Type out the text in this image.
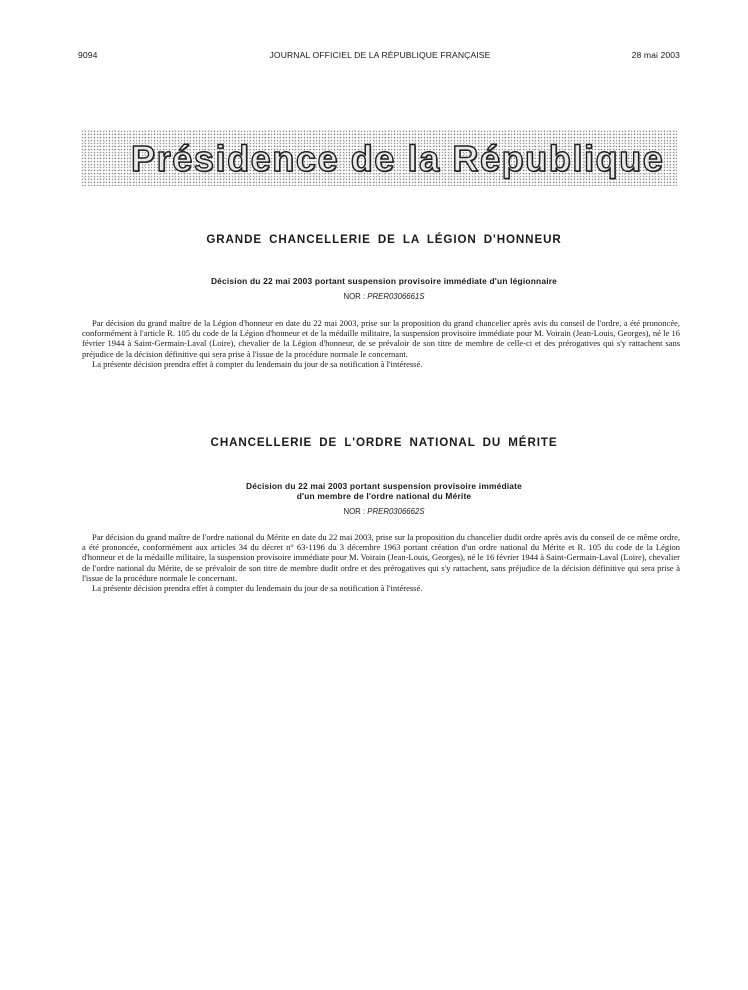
9094	JOURNAL OFFICIEL DE LA RÉPUBLIQUE FRANÇAISE	28 mai 2003
Présidence de la République
GRANDE CHANCELLERIE DE LA LÉGION D'HONNEUR
Décision du 22 mai 2003 portant suspension provisoire immédiate d'un légionnaire
NOR : PRER0306661S

Par décision du grand maître de la Légion d'honneur en date du 22 mai 2003, prise sur la proposition du grand chancelier après avis du conseil de l'ordre, a été prononcée, conformément à l'article R. 105 du code de la Légion d'honneur et de la médaille militaire, la suspension provisoire immédiate pour M. Voirain (Jean-Louis, Georges), né le 16 février 1944 à Saint-Germain-Laval (Loire), chevalier de la Légion d'honneur, de se prévaloir de son titre de membre de celle-ci et des prérogatives qui s'y rattachent sans préjudice de la décision définitive qui sera prise à l'issue de la procédure normale le concernant.

La présente décision prendra effet à compter du lendemain du jour de sa notification à l'intéressé.

CHANCELLERIE DE L'ORDRE NATIONAL DU MÉRITE
Décision du 22 mai 2003 portant suspension provisoire immédiate
d'un membre de l'ordre national du Mérite
NOR : PRER0306662S

Par décision du grand maître de l'ordre national du Mérite en date du 22 mai 2003, prise sur la proposition du chancelier dudit ordre après avis du conseil de ce même ordre, a été prononcée, conformément aux articles 34 du décret n° 63-1196 du 3 décembre 1963 portant création d'un ordre national du Mérite et R. 105 du code de la Légion d'honneur et de la médaille militaire, la suspension provisoire immédiate pour M. Voirain (Jean-Louis, Georges), né le 16 février 1944 à Saint-Germain-Laval (Loire), chevalier de l'ordre national du Mérite, de se prévaloir de son titre de membre dudit ordre et des prérogatives qui s'y rattachent, sans préjudice de la décision définitive qui sera prise à l'issue de la procédure normale le concernant.

La présente décision prendra effet à compter du lendemain du jour de sa notification à l'intéressé.
